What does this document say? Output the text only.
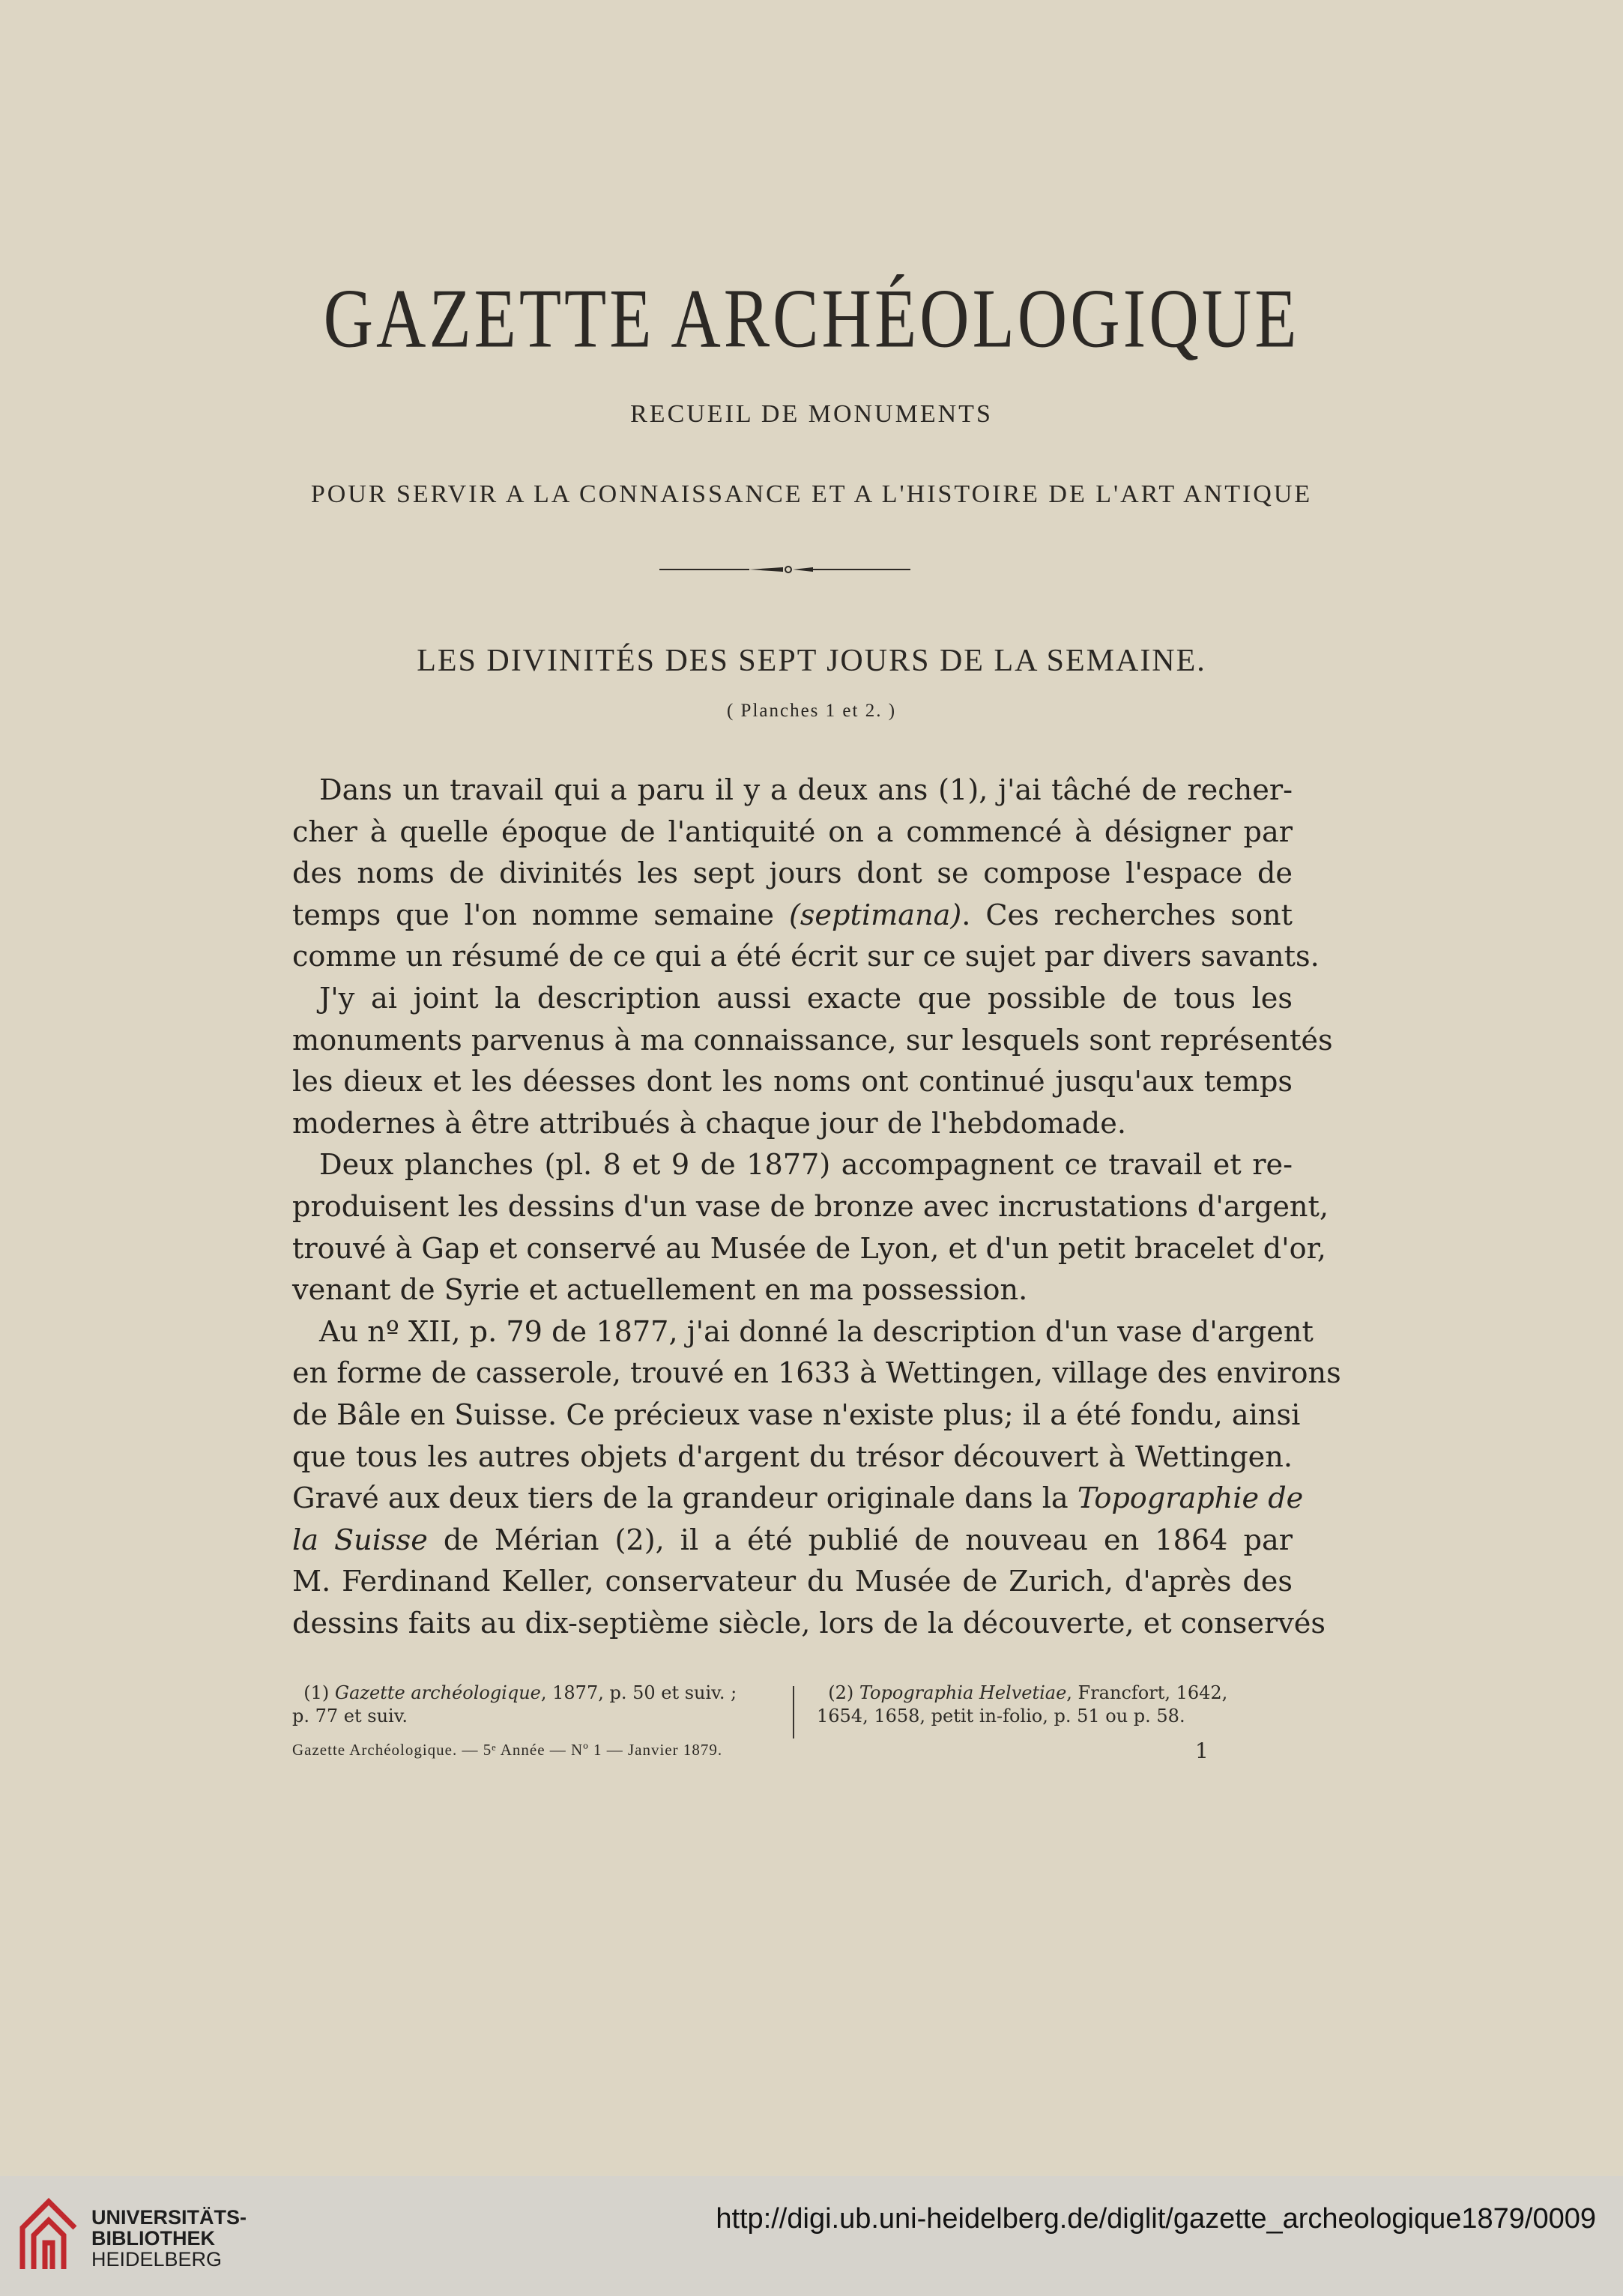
GAZETTE ARCHÉOLOGIQUE
RECUEIL DE MONUMENTS
POUR SERVIR A LA CONNAISSANCE ET A L'HISTOIRE DE L'ART ANTIQUE
LES DIVINITÉS DES SEPT JOURS DE LA SEMAINE.
( Planches 1 et 2. )
Dans un travail qui a paru il y a deux ans (1), j'ai tâché de recher-
cher à quelle époque de l'antiquité on a commencé à désigner par
des noms de divinités les sept jours dont se compose l'espace de
temps que l'on nomme semaine (septimana). Ces recherches sont
comme un résumé de ce qui a été écrit sur ce sujet par divers savants.
J'y ai joint la description aussi exacte que possible de tous les
monuments parvenus à ma connaissance, sur lesquels sont représentés
les dieux et les déesses dont les noms ont continué jusqu'aux temps
modernes à être attribués à chaque jour de l'hebdomade.
Deux planches (pl. 8 et 9 de 1877) accompagnent ce travail et re-
produisent les dessins d'un vase de bronze avec incrustations d'argent,
trouvé à Gap et conservé au Musée de Lyon, et d'un petit bracelet d'or,
venant de Syrie et actuellement en ma possession.
Au nº XII, p. 79 de 1877, j'ai donné la description d'un vase d'argent
en forme de casserole, trouvé en 1633 à Wettingen, village des environs
de Bâle en Suisse. Ce précieux vase n'existe plus; il a été fondu, ainsi
que tous les autres objets d'argent du trésor découvert à Wettingen.
Gravé aux deux tiers de la grandeur originale dans la Topographie de
la Suisse de Mérian (2), il a été publié de nouveau en 1864 par
M. Ferdinand Keller, conservateur du Musée de Zurich, d'après des
dessins faits au dix-septième siècle, lors de la découverte, et conservés
(1) Gazette archéologique, 1877, p. 50 et suiv. ;
p. 77 et suiv.
(2) Topographia Helvetiae, Francfort, 1642,
1654, 1658, petit in-folio, p. 51 ou p. 58.
Gazette Archéologique. — 5ᵉ Année — Nº 1 — Janvier 1879.	1
UNIVERSITÄTS-
BIBLIOTHEK
HEIDELBERG
http://digi.ub.uni-heidelberg.de/diglit/gazette_archeologique1879/0009
